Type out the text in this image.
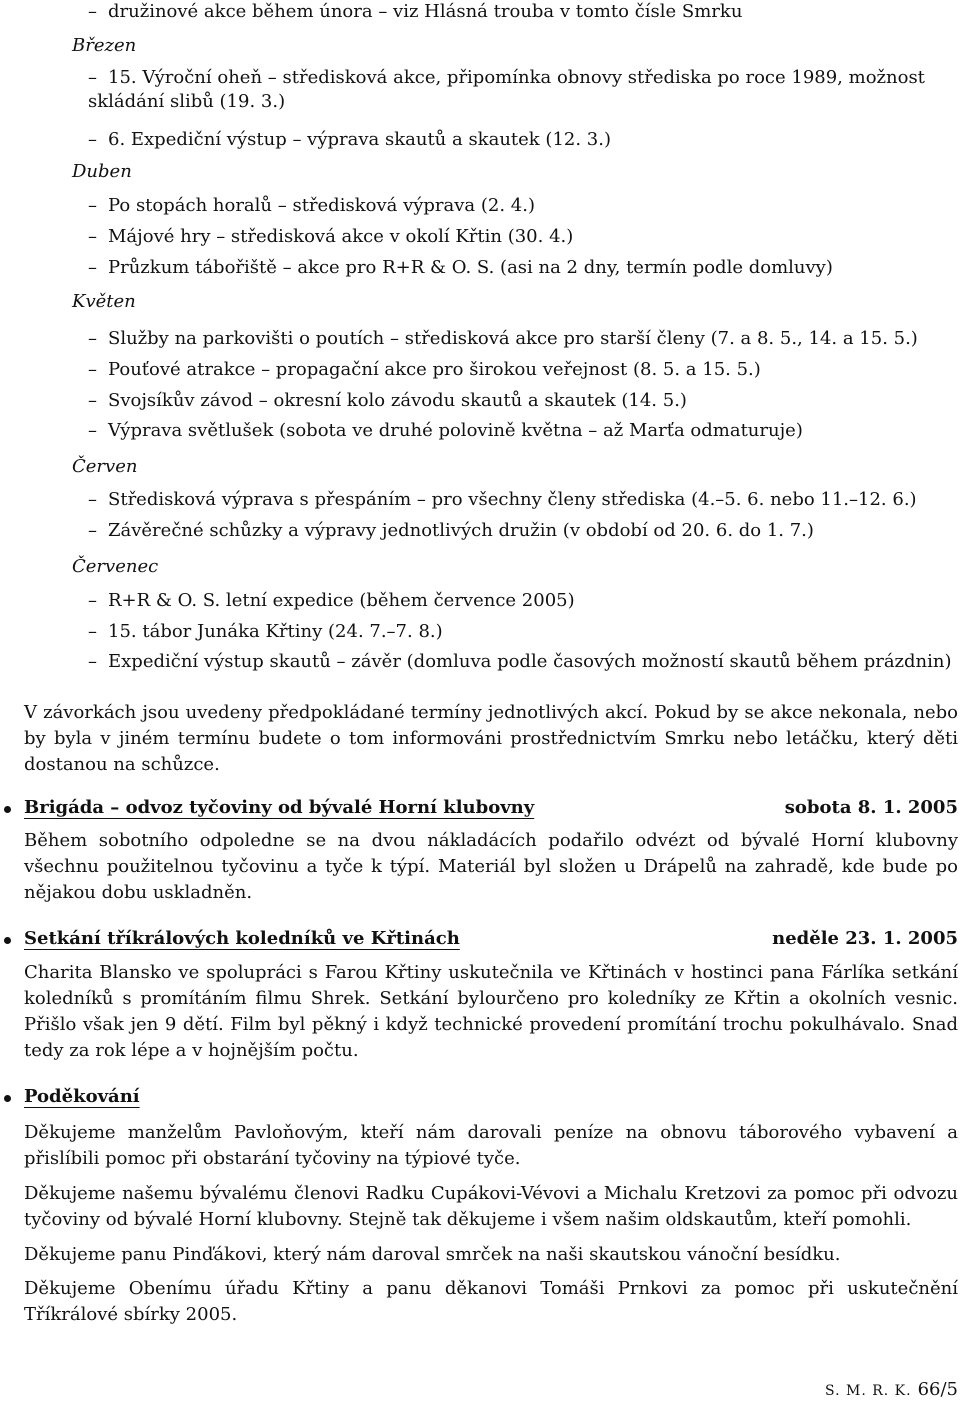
– družinové akce během února – viz Hlásná trouba v tomto čísle Smrku
Březen
– 15. Výroční oheň – středisková akce, připomínka obnovy střediska po roce 1989, možnost skládání slibů (19. 3.)
– 6. Expediční výstup – výprava skautů a skautek (12. 3.)
Duben
– Po stopách horalů – středisková výprava (2. 4.)
– Májové hry – středisková akce v okolí Křtin (30. 4.)
– Průzkum tábořiště – akce pro R+R & O. S. (asi na 2 dny, termín podle domluvy)
Květen
– Služby na parkovišti o poutích – středisková akce pro starší členy (7. a 8. 5., 14. a 15. 5.)
– Pouťové atrakce – propagační akce pro širokou veřejnost (8. 5. a 15. 5.)
– Svojsíkův závod – okresní kolo závodu skautů a skautek (14. 5.)
– Výprava světlušek (sobota ve druhé polovině května – až Marťa odmaturuje)
Červen
– Středisková výprava s přespáním – pro všechny členy střediska (4.–5. 6. nebo 11.–12. 6.)
– Závěrečné schůzky a výpravy jednotlivých družin (v období od 20. 6. do 1. 7.)
Červenec
– R+R & O. S. letní expedice (během července 2005)
– 15. tábor Junáka Křtiny (24. 7.–7. 8.)
– Expediční výstup skautů – závěr (domluva podle časových možností skautů během prázdnin)
V závorkách jsou uvedeny předpokládané termíny jednotlivých akcí. Pokud by se akce nekonala, nebo by byla v jiném termínu budete o tom informováni prostřednictvím Smrku nebo letáčku, který děti dostanou na schůzce.
Brigáda – odvoz tyčoviny od bývalé Horní klubovny	sobota 8. 1. 2005
Během sobotního odpoledne se na dvou nákladácích podařilo odvézt od bývalé Horní klubovny všechnu použitelnou tyčovinu a tyče k týpí. Materiál byl složen u Drápelů na zahradě, kde bude po nějakou dobu uskladněn.
Setkání tříkrálových koledníků ve Křtinách	neděle 23. 1. 2005
Charita Blansko ve spolupráci s Farou Křtiny uskutečnila ve Křtinách v hostinci pana Fárlíka setkání koledníků s promítáním filmu Shrek. Setkání bylourčeno pro koledníky ze Křtin a okolních vesnic. Přišlo však jen 9 dětí. Film byl pěkný i když technické provedení promítání trochu pokulhávalo. Snad tedy za rok lépe a v hojnějším počtu.
Poděkování
Děkujeme manželům Pavloňovým, kteří nám darovali peníze na obnovu táborového vybavení a přislíbili pomoc při obstarání tyčoviny na týpiové tyče.
Děkujeme našemu bývalému členovi Radku Cupákovi-Vévovi a Michalu Kretzovi za pomoc při odvozu tyčoviny od bývalé Horní klubovny. Stejně tak děkujeme i všem našim oldskautům, kteří pomohli.
Děkujeme panu Pinďákovi, který nám daroval smrček na naši skautskou vánoční besídku.
Děkujeme Obenímu úřadu Křtiny a panu děkanovi Tomáši Prnkovi za pomoc při uskutečnění Tříkrálové sbírky 2005.
S. M. R. K. 66/5
